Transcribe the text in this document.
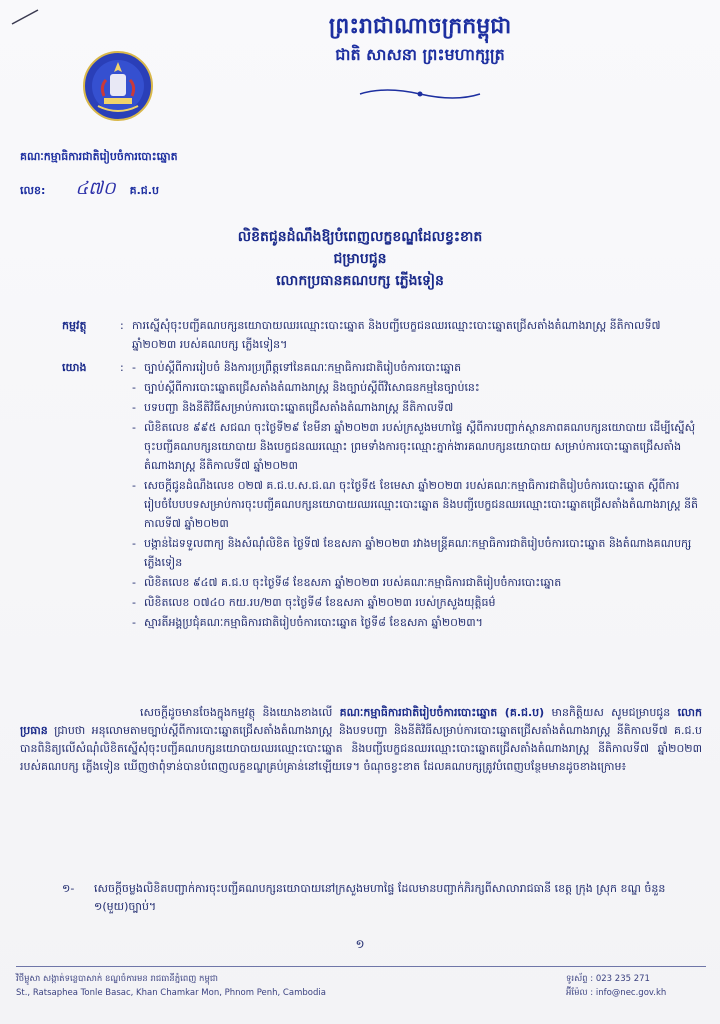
ព្រះរាជាណាចក្រកម្ពុជា
ជាតិ សាសនា ព្រះមហាក្សត្រ
គណៈកម្មាធិការជាតិរៀបចំការបោះឆ្នោត
លេខ: ៤៧០ គ.ជ.ប
លិខិតជូនដំណឹងឱ្យបំពេញលក្ខខណ្ឌដែលខ្វះខាត
ជម្រាបជូន
លោកប្រធានគណបក្ស ភ្លើងទៀន
កម្មវត្ថុ	: ការស្នើសុំចុះបញ្ជីគណបក្សនយោបាយឈរឈ្មោះបោះឆ្នោត និងបញ្ជីបេក្ខជនឈរឈ្មោះបោះឆ្នោតជ្រើសតាំងតំណាងរាស្ត្រ នីតិកាលទី៧ ឆ្នាំ២០២៣ របស់គណបក្ស ភ្លើងទៀន។
យោង	:
-	ច្បាប់ស្តីពីការរៀបចំ និងការប្រព្រឹត្តទៅនៃគណៈកម្មាធិការជាតិរៀបចំការបោះឆ្នោត
- ច្បាប់ស្តីពីការបោះឆ្នោតជ្រើសតាំងតំណាងរាស្ត្រ និងច្បាប់ស្តីពីវិសោធនកម្មនៃច្បាប់នេះ
- បទបញ្ជា និងនីតិវិធីសម្រាប់ការបោះឆ្នោតជ្រើសតាំងតំណាងរាស្ត្រ នីតិកាលទី៧
- លិខិតលេខ ៩៩៥ សជណ ចុះថ្ងៃទី២៩ ខែមីនា ឆ្នាំ២០២៣ របស់ក្រសួងមហាផ្ទៃ ស្តីពីការបញ្ជាក់ស្ថានភាពគណបក្សនយោបាយ ដើម្បីស្នើសុំចុះបញ្ជីគណបក្សនយោបាយ និងបេក្ខជនឈរឈ្មោះ ព្រមទាំងការចុះឈ្មោះភ្នាក់ងារគណបក្សនយោបាយ សម្រាប់ការបោះឆ្នោតជ្រើសតាំងតំណាងរាស្ត្រ នីតិកាលទី៧ ឆ្នាំ២០២៣
- សេចក្តីជូនដំណឹងលេខ ០២៧ គ.ជ.ប.ស.ជ.ណ ចុះថ្ងៃទី៥ ខែមេសា ឆ្នាំ២០២៣ របស់គណៈកម្មាធិការជាតិរៀបចំការបោះឆ្នោត ស្តីពីការរៀបចំបែបបទសម្រាប់ការចុះបញ្ជីគណបក្សនយោបាយឈរឈ្មោះបោះឆ្នោត និងបញ្ជីបេក្ខជនឈរឈ្មោះបោះឆ្នោតជ្រើសតាំងតំណាងរាស្ត្រ នីតិកាលទី៧ ឆ្នាំ២០២៣
- បង្កាន់ដៃទទួលពាក្យ និងសំណុំលិខិត ថ្ងៃទី៧ ខែឧសភា ឆ្នាំ២០២៣ រវាងមន្ត្រីគណៈកម្មាធិការជាតិរៀបចំការបោះឆ្នោត និងតំណាងគណបក្ស ភ្លើងទៀន
- លិខិតលេខ ៩៤៧ គ.ជ.ប ចុះថ្ងៃទី៨ ខែឧសភា ឆ្នាំ២០២៣ របស់គណៈកម្មាធិការជាតិរៀបចំការបោះឆ្នោត
- លិខិតលេខ ០៧៤០ កយ.រប/២៣ ចុះថ្ងៃទី៨ ខែឧសភា ឆ្នាំ២០២៣ របស់ក្រសួងយុត្តិធម៌
- ស្មារតីអង្គប្រជុំគណៈកម្មាធិការជាតិរៀបចំការបោះឆ្នោត ថ្ងៃទី៨ ខែឧសភា ឆ្នាំ២០២៣។
សេចក្តីដូចមានចែងក្នុងកម្មវត្ថុ និងយោងខាងលើ គណៈកម្មាធិការជាតិរៀបចំការបោះឆ្នោត (គ.ជ.ប) មានកិត្តិយស សូមជម្រាបជូន លោកប្រធាន ជ្រាបថា អនុលោមតាមច្បាប់ស្តីពីការបោះឆ្នោតជ្រើសតាំងតំណាងរាស្ត្រ និងបទបញ្ជា និងនីតិវិធីសម្រាប់ការបោះឆ្នោតជ្រើសតាំងតំណាងរាស្ត្រ នីតិកាលទី៧ គ.ជ.ប បានពិនិត្យលើសំណុំលិខិតស្នើសុំចុះបញ្ជីគណបក្សនយោបាយឈរឈ្មោះបោះឆ្នោត និងបញ្ជីបេក្ខជនឈរឈ្មោះបោះឆ្នោតជ្រើសតាំងតំណាងរាស្ត្រ នីតិកាលទី៧ ឆ្នាំ២០២៣ របស់គណបក្ស ភ្លើងទៀន ឃើញថាពុំទាន់បានបំពេញលក្ខខណ្ឌគ្រប់គ្រាន់នៅឡើយទេ។ ចំណុចខ្វះខាត ដែលគណបក្សត្រូវបំពេញបន្ថែមមានដូចខាងក្រោម៖
១-	សេចក្តីចម្លងលិខិតបញ្ជាក់ការចុះបញ្ជីគណបក្សនយោបាយនៅក្រសួងមហាផ្ទៃ ដែលមានបញ្ជាក់ភិរក្សពីសាលារាជធានី ខេត្ត ក្រុង ស្រុក ខណ្ឌ ចំនួន ១(មួយ)ច្បាប់។
១
វិថីម្លូសា សង្កាត់ទន្លេបាសាក់ ខណ្ឌចំការមន រាជធានីភ្នំពេញ កម្ពុជា
St., Ratsaphea Tonle Basac, Khan Chamkar Mon, Phnom Penh, Cambodia
ទូរស័ព្ទ : 023 235 271
អ៊ីម៉ែល : info@nec.gov.kh
